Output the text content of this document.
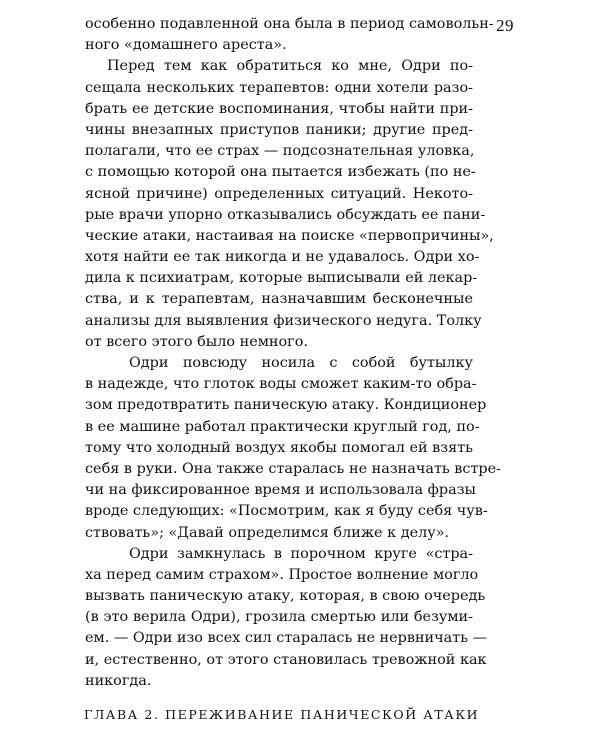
29
особенно подавленной она была в период самовольн-
ного «домашнего ареста».
Перед тем как обратиться ко мне, Одри по-
сещала нескольких терапевтов: одни хотели разо-
брать ее детские воспоминания, чтобы найти при-
чины внезапных приступов паники; другие пред-
полагали, что ее страх — подсознательная уловка,
с помощью которой она пытается избежать (по не-
ясной причине) определенных ситуаций. Некото-
рые врачи упорно отказывались обсуждать ее пани-
ческие атаки, настаивая на поиске «первопричины»,
хотя найти ее так никогда и не удавалось. Одри хо-
дила к психиатрам, которые выписывали ей лекар-
ства, и к терапевтам, назначавшим бесконечные
анализы для выявления физического недуга. Толку
от всего этого было немного.
Одри повсюду носила с собой бутылку
в надежде, что глоток воды сможет каким-то обра-
зом предотвратить паническую атаку. Кондиционер
в ее машине работал практически круглый год, по-
тому что холодный воздух якобы помогал ей взять
себя в руки. Она также старалась не назначать встре-
чи на фиксированное время и использовала фразы
вроде следующих: «Посмотрим, как я буду себя чув-
ствовать»; «Давай определимся ближе к делу».
Одри замкнулась в порочном круге «стра-
ха перед самим страхом». Простое волнение могло
вызвать паническую атаку, которая, в свою очередь
(в это верила Одри), грозила смертью или безуми-
ем. — Одри изо всех сил старалась не нервничать —
и, естественно, от этого становилась тревожной как
никогда.
ГЛАВА 2. ПЕРЕЖИВАНИЕ ПАНИЧЕСКОЙ АТАКИ
